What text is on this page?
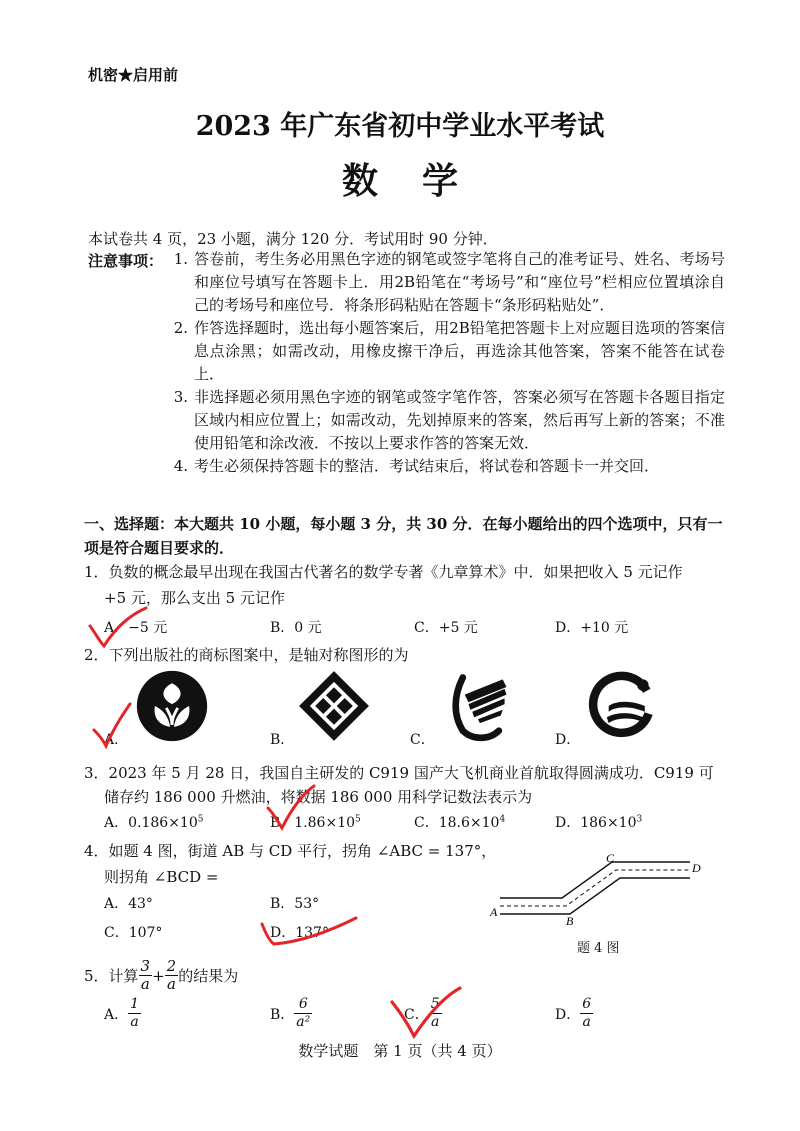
机密★启用前
2023 年广东省初中学业水平考试
数学
本试卷共 4 页，23 小题，满分 120 分．考试用时 90 分钟．
注意事项： 1. 答卷前，考生务必用黑色字迹的钢笔或签字笔将自己的准考证号、姓名、考场号和座位号填写在答题卡上．用2B铅笔在“考场号”和“座位号”栏相应位置填涂自己的考场号和座位号．将条形码粘贴在答题卡“条形码粘贴处”．
2. 作答选择题时，选出每小题答案后，用2B铅笔把答题卡上对应题目选项的答案信息点涂黑；如需改动，用橡皮擦干净后，再选涂其他答案，答案不能答在试卷上．
3. 非选择题必须用黑色字迹的钢笔或签字笔作答，答案必须写在答题卡各题目指定区域内相应位置上；如需改动，先划掉原来的答案，然后再写上新的答案；不准使用铅笔和涂改液．不按以上要求作答的答案无效．
4. 考生必须保持答题卡的整洁．考试结束后，将试卷和答题卡一并交回．
一、选择题：本大题共 10 小题，每小题 3 分，共 30 分．在每小题给出的四个选项中，只有一项是符合题目要求的．
1．负数的概念最早出现在我国古代著名的数学专著《九章算术》中．如果把收入 5 元记作
+5 元，那么支出 5 元记作
A．−5 元	B．0 元	C．+5 元	D．+10 元
2．下列出版社的商标图案中，是轴对称图形的为
A．	B．	C．	D．
3．2023 年 5 月 28 日，我国自主研发的 C919 国产大飞机商业首航取得圆满成功．C919 可
储存约 186 000 升燃油，将数据 186 000 用科学记数法表示为
A．$0.186\times 10^5$	B．$1.86\times 10^5$	C．$18.6\times 10^4$	D．$186\times 10^3$
4．如题 4 图，街道 AB 与 CD 平行，拐角 ∠ABC = 137°，
则拐角 ∠BCD =
A．43°	B．53°
C．107°	D．137°
A
B
C
D
题 4 图
5．计算 $\frac{3}{a} + \frac{2}{a}$ 的结果为
A． $\frac{1}{a}$	B． $\frac{6}{\text{a²}}$	C． $\frac{5}{a}$	D． $\frac{6}{a}$
数学试题　第 1 页（共 4 页）
